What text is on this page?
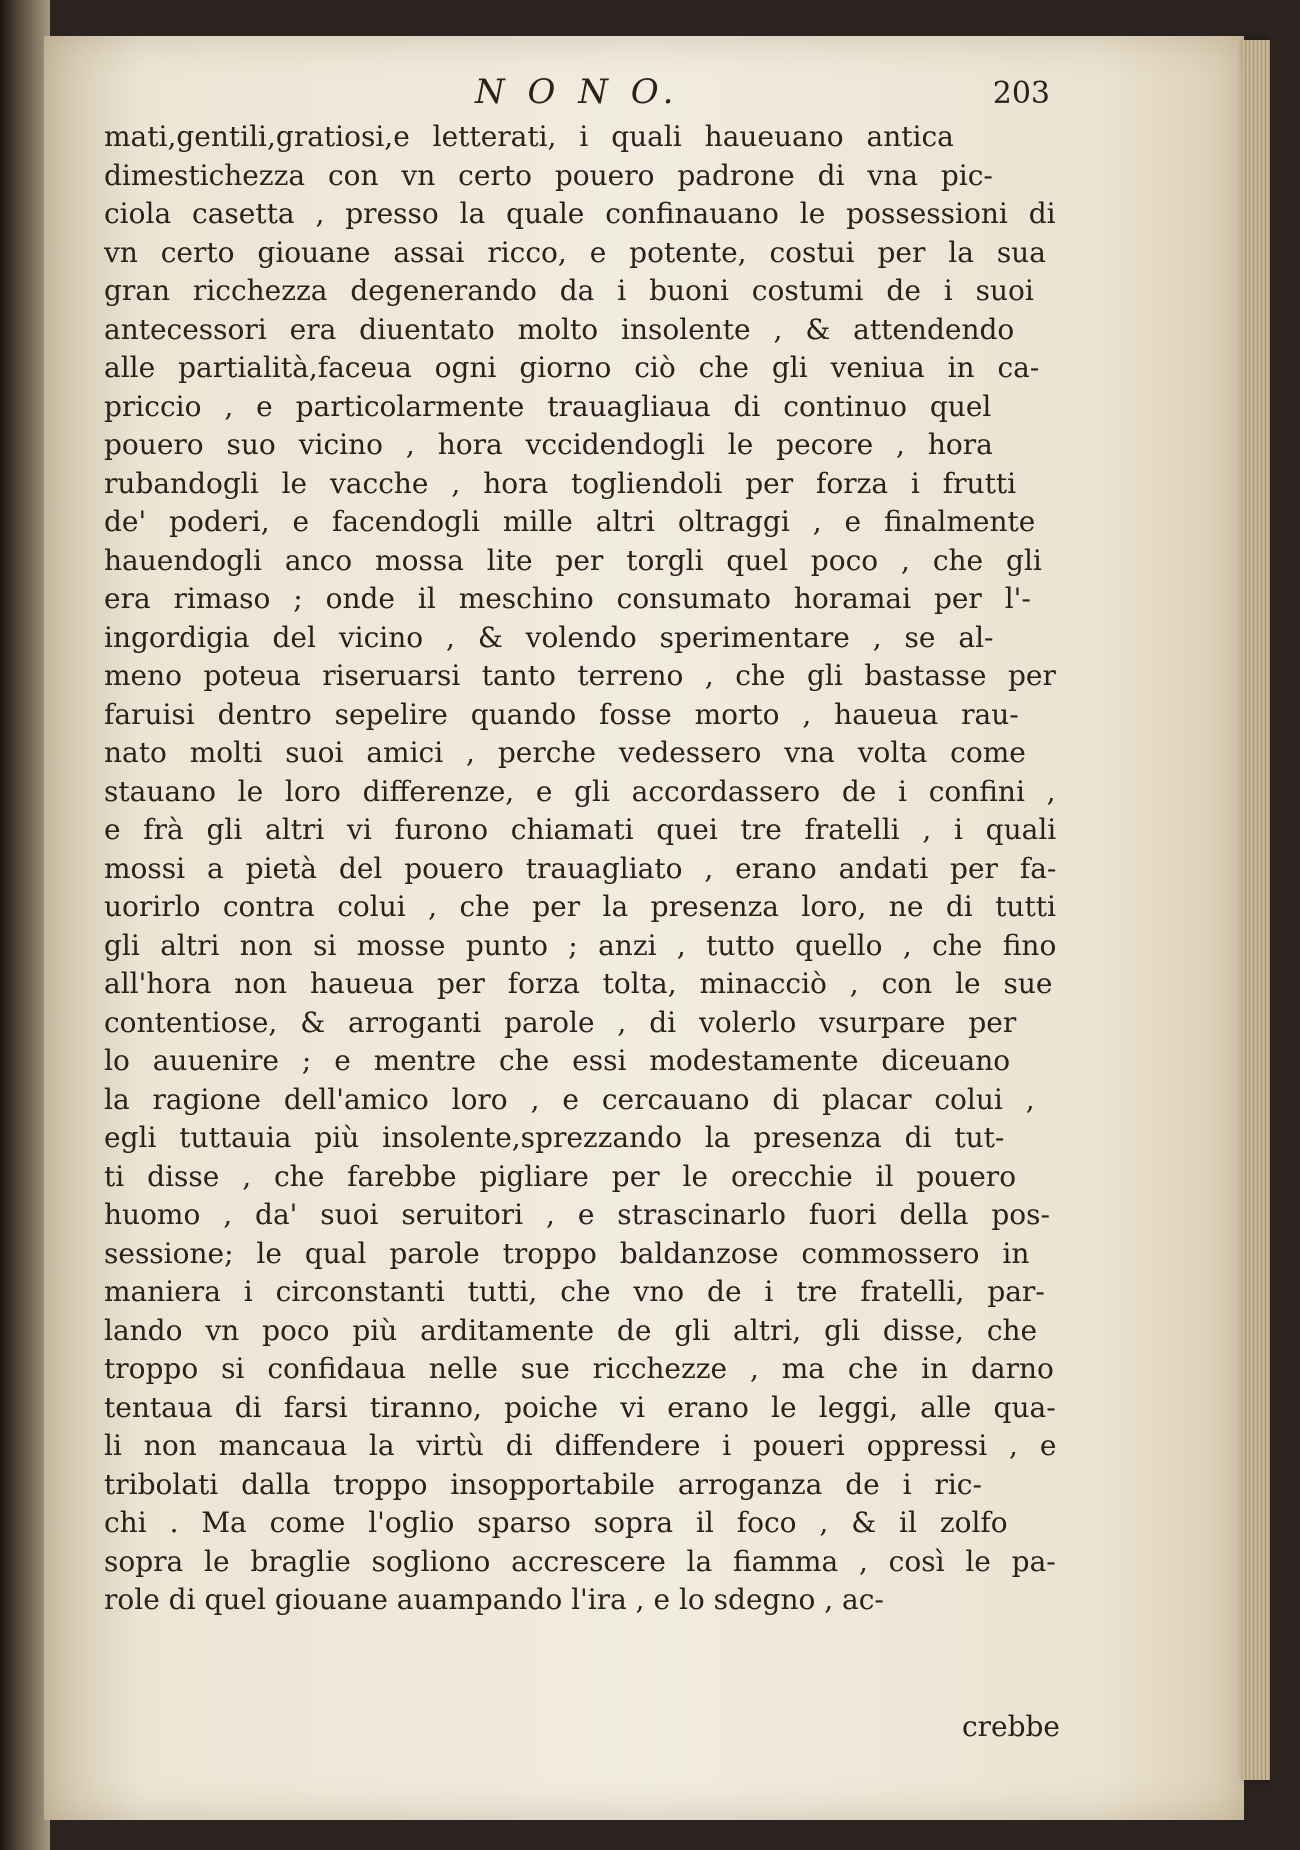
N O N O.	203
mati,gentili,gratiosi,e letterati, i quali haueuano antica
dimestichezza con vn certo pouero padrone di vna pic-
ciola casetta , presso la quale confinauano le possessioni di
vn certo giouane assai ricco, e potente, costui per la sua
gran ricchezza degenerando da i buoni costumi de i suoi
antecessori era diuentato molto insolente , & attendendo
alle partialità,faceua ogni giorno ciò che gli veniua in ca-
priccio , e particolarmente trauagliaua di continuo quel
pouero suo vicino , hora vccidendogli le pecore , hora
rubandogli le vacche , hora togliendoli per forza i frutti
de' poderi, e facendogli mille altri oltraggi , e finalmente
hauendogli anco mossa lite per torgli quel poco , che gli
era rimaso ; onde il meschino consumato horamai per l'-
ingordigia del vicino , & volendo sperimentare , se al-
meno poteua riseruarsi tanto terreno , che gli bastasse per
faruisi dentro sepelire quando fosse morto , haueua rau-
nato molti suoi amici , perche vedessero vna volta come
stauano le loro differenze, e gli accordassero de i confini ,
e frà gli altri vi furono chiamati quei tre fratelli , i quali
mossi a pietà del pouero trauagliato , erano andati per fa-
uorirlo contra colui , che per la presenza loro, ne di tutti
gli altri non si mosse punto ; anzi , tutto quello , che fino
all'hora non haueua per forza tolta, minacciò , con le sue
contentiose, & arroganti parole , di volerlo vsurpare per
lo auuenire ; e mentre che essi modestamente diceuano
la ragione dell'amico loro , e cercauano di placar colui ,
egli tuttauia più insolente,sprezzando la presenza di tut-
ti disse , che farebbe pigliare per le orecchie il pouero
huomo , da' suoi seruitori , e strascinarlo fuori della pos-
sessione; le qual parole troppo baldanzose commossero in
maniera i circonstanti tutti, che vno de i tre fratelli, par-
lando vn poco più arditamente de gli altri, gli disse, che
troppo si confidaua nelle sue ricchezze , ma che in darno
tentaua di farsi tiranno, poiche vi erano le leggi, alle qua-
li non mancaua la virtù di diffendere i poueri oppressi , e
tribolati dalla troppo insopportabile arroganza de i ric-
chi . Ma come l'oglio sparso sopra il foco , & il zolfo
sopra le braglie sogliono accrescere la fiamma , così le pa-
role di quel giouane auampando l'ira , e lo sdegno , ac-
crebbe
